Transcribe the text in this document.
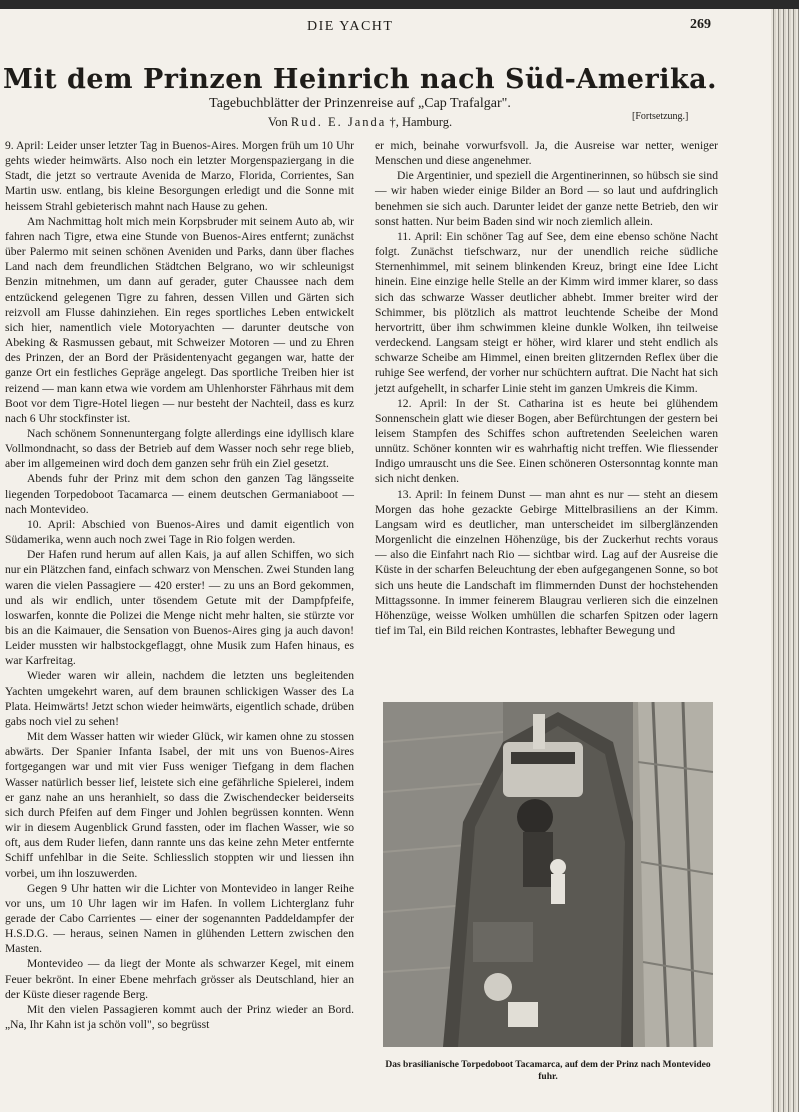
DIE YACHT	269
Mit dem Prinzen Heinrich nach Süd-Amerika.
Tagebuchblätter der Prinzenreise auf „Cap Trafalgar".
Von Rud. E. Janda †, Hamburg.	[Fortsetzung.]

9. April: Leider unser letzter Tag in Buenos-Aires. Morgen früh um 10 Uhr gehts wieder heimwärts. Also noch ein letzter Morgenspaziergang in die Stadt, die jetzt so vertraute Avenida de Marzo, Florida, Corrientes, San Martin usw. entlang, bis kleine Besorgungen erledigt und die Sonne mit heissem Strahl gebieterisch mahnt nach Hause zu gehen.

Am Nachmittag holt mich mein Korpsbruder mit seinem Auto ab, wir fahren nach Tigre, etwa eine Stunde von Buenos-Aires entfernt; zunächst über Palermo mit seinen schönen Aveniden und Parks, dann über flaches Land nach dem freundlichen Städtchen Belgrano, wo wir schleunigst Benzin mitnehmen, um dann auf gerader, guter Chaussee nach dem entzückend gelegenen Tigre zu fahren, dessen Villen und Gärten sich reizvoll am Flusse dahinziehen. Ein reges sportliches Leben entwickelt sich hier, namentlich viele Motoryachten — darunter deutsche von Abeking & Rasmussen gebaut, mit Schweizer Motoren — und zu Ehren des Prinzen, der an Bord der Präsidentenyacht gegangen war, hatte der ganze Ort ein festliches Gepräge angelegt. Das sportliche Treiben hier ist reizend — man kann etwa wie vordem am Uhlenhorster Fährhaus mit dem Boot vor dem Tigre-Hotel liegen — nur besteht der Nachteil, dass es kurz nach 6 Uhr stockfinster ist.

Nach schönem Sonnenuntergang folgte allerdings eine idyllisch klare Vollmondnacht, so dass der Betrieb auf dem Wasser noch sehr rege blieb, aber im allgemeinen wird doch dem ganzen sehr früh ein Ziel gesetzt.

Abends fuhr der Prinz mit dem schon den ganzen Tag längsseite liegenden Torpedoboot Tacamarca — einem deutschen Germaniaboot — nach Montevideo.

10. April: Abschied von Buenos-Aires und damit eigentlich von Südamerika, wenn auch noch zwei Tage in Rio folgen werden.

Der Hafen rund herum auf allen Kais, ja auf allen Schiffen, wo sich nur ein Plätzchen fand, einfach schwarz von Menschen. Zwei Stunden lang waren die vielen Passagiere — 420 erster! — zu uns an Bord gekommen, und als wir endlich, unter tösendem Getute mit der Dampfpfeife, loswarfen, konnte die Polizei die Menge nicht mehr halten, sie stürzte vor bis an die Kaimauer, die Sensation von Buenos-Aires ging ja auch davon! Leider mussten wir halbstockgeflaggt, ohne Musik zum Hafen hinaus, es war Karfreitag.

Wieder waren wir allein, nachdem die letzten uns begleitenden Yachten umgekehrt waren, auf dem braunen schlickigen Wasser des La Plata. Heimwärts! Jetzt schon wieder heimwärts, eigentlich schade, drüben gabs noch viel zu sehen!

Mit dem Wasser hatten wir wieder Glück, wir kamen ohne zu stossen abwärts. Der Spanier Infanta Isabel, der mit uns von Buenos-Aires fortgegangen war und mit vier Fuss weniger Tiefgang in dem flachen Wasser natürlich besser lief, leistete sich eine gefährliche Spielerei, indem er ganz nahe an uns heranhielt, so dass die Zwischendecker beiderseits sich durch Pfeifen auf dem Finger und Johlen begrüssen konnten. Wenn wir in diesem Augenblick Grund fassten, oder im flachen Wasser, wie so oft, aus dem Ruder liefen, dann rannte uns das keine zehn Meter entfernte Schiff unfehlbar in die Seite. Schliesslich stoppten wir und liessen ihn vorbei, um ihn loszuwerden.

Gegen 9 Uhr hatten wir die Lichter von Montevideo in langer Reihe vor uns, um 10 Uhr lagen wir im Hafen. In vollem Lichterglanz fuhr gerade der Cabo Carrientes — einer der sogenannten Paddeldampfer der H.S.D.G. — heraus, seinen Namen in glühenden Lettern zwischen den Masten.

Montevideo — da liegt der Monte als schwarzer Kegel, mit einem Feuer bekrönt. In einer Ebene mehrfach grösser als Deutschland, hier an der Küste dieser ragende Berg.

Mit den vielen Passagieren kommt auch der Prinz wieder an Bord. „Na, Ihr Kahn ist ja schön voll", so begrüsst

er mich, beinahe vorwurfsvoll. Ja, die Ausreise war netter, weniger Menschen und diese angenehmer.

Die Argentinier, und speziell die Argentinerinnen, so hübsch sie sind — wir haben wieder einige Bilder an Bord — so laut und aufdringlich benehmen sie sich auch. Darunter leidet der ganze nette Betrieb, den wir sonst hatten. Nur beim Baden sind wir noch ziemlich allein.

11. April: Ein schöner Tag auf See, dem eine ebenso schöne Nacht folgt. Zunächst tiefschwarz, nur der unendlich reiche südliche Sternenhimmel, mit seinem blinkenden Kreuz, bringt eine Idee Licht hinein. Eine einzige helle Stelle an der Kimm wird immer klarer, so dass sich das schwarze Wasser deutlicher abhebt. Immer breiter wird der Schimmer, bis plötzlich als mattrot leuchtende Scheibe der Mond hervortritt, über ihm schwimmen kleine dunkle Wolken, ihn teilweise verdeckend. Langsam steigt er höher, wird klarer und steht endlich als schwarze Scheibe am Himmel, einen breiten glitzernden Reflex über die ruhige See werfend, der vorher nur schüchtern auftrat. Die Nacht hat sich jetzt aufgehellt, in scharfer Linie steht im ganzen Umkreis die Kimm.

12. April: In der St. Catharina ist es heute bei glühendem Sonnenschein glatt wie dieser Bogen, aber Befürchtungen der gestern bei leisem Stampfen des Schiffes schon auftretenden Seeleichen waren unnütz. Schöner konnten wir es wahrhaftig nicht treffen. Wie fliessender Indigo umrauscht uns die See. Einen schöneren Ostersonntag konnte man sich nicht denken.

13. April: In feinem Dunst — man ahnt es nur — steht an diesem Morgen das hohe gezackte Gebirge Mittelbrasiliens an der Kimm. Langsam wird es deutlicher, man unterscheidet im silberglänzenden Morgenlicht die einzelnen Höhenzüge, bis der Zuckerhut rechts voraus — also die Einfahrt nach Rio — sichtbar wird. Lag auf der Ausreise die Küste in der scharfen Beleuchtung der eben aufgegangenen Sonne, so bot sich uns heute die Landschaft im flimmernden Dunst der hochstehenden Mittagssonne. In immer feinerem Blaugrau verlieren sich die einzelnen Höhenzüge, weisse Wolken umhüllen die scharfen Spitzen oder lagern tief im Tal, ein Bild reichen Kontrastes, lebhafter Bewegung und

Das brasilianische Torpedoboot Tacamarca, auf dem der Prinz nach Montevideo fuhr.
